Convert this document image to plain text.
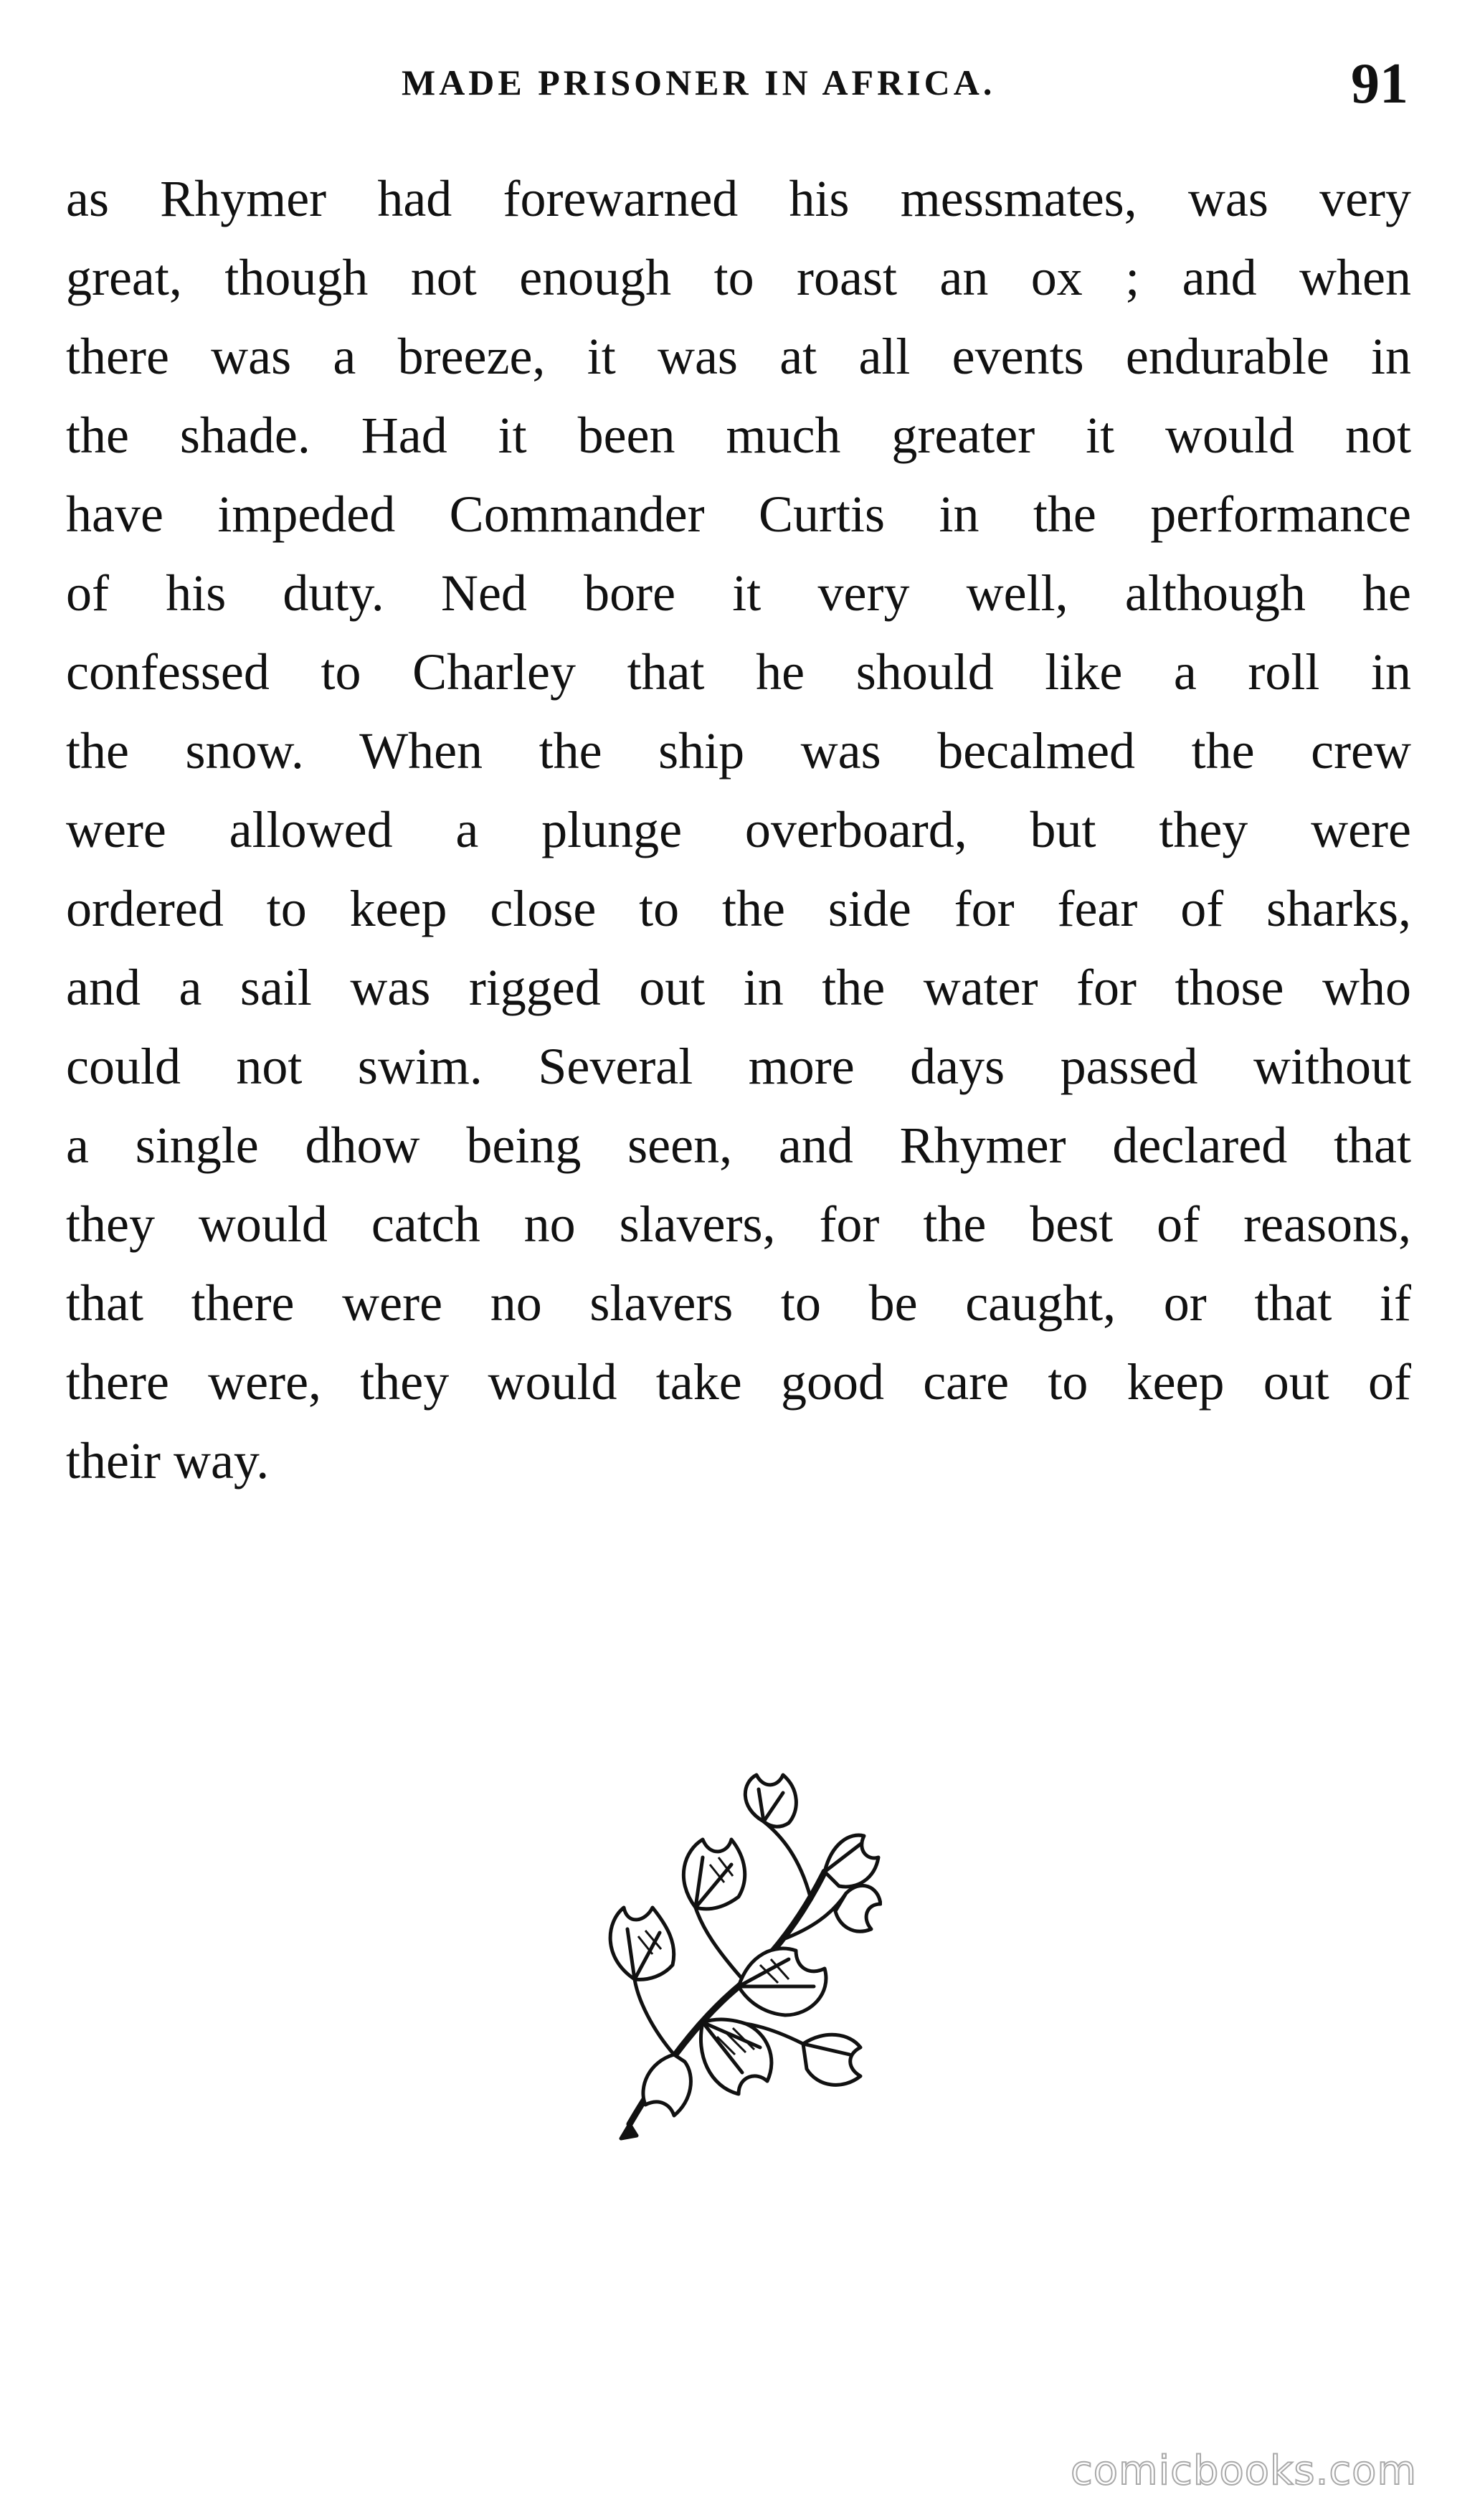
MADE PRISONER IN AFRICA.	91
as Rhymer had forewarned his messmates, was very
great, though not enough to roast an ox ; and when
there was a breeze, it was at all events endurable in
the shade. Had it been much greater it would not
have impeded Commander Curtis in the performance
of his duty. Ned bore it very well, although he
confessed to Charley that he should like a roll in
the snow. When the ship was becalmed the crew
were allowed a plunge overboard, but they were
ordered to keep close to the side for fear of sharks,
and a sail was rigged out in the water for those who
could not swim. Several more days passed without
a single dhow being seen, and Rhymer declared that
they would catch no slavers, for the best of reasons,
that there were no slavers to be caught, or that if
there were, they would take good care to keep out of
their way.
comicbooks.com
